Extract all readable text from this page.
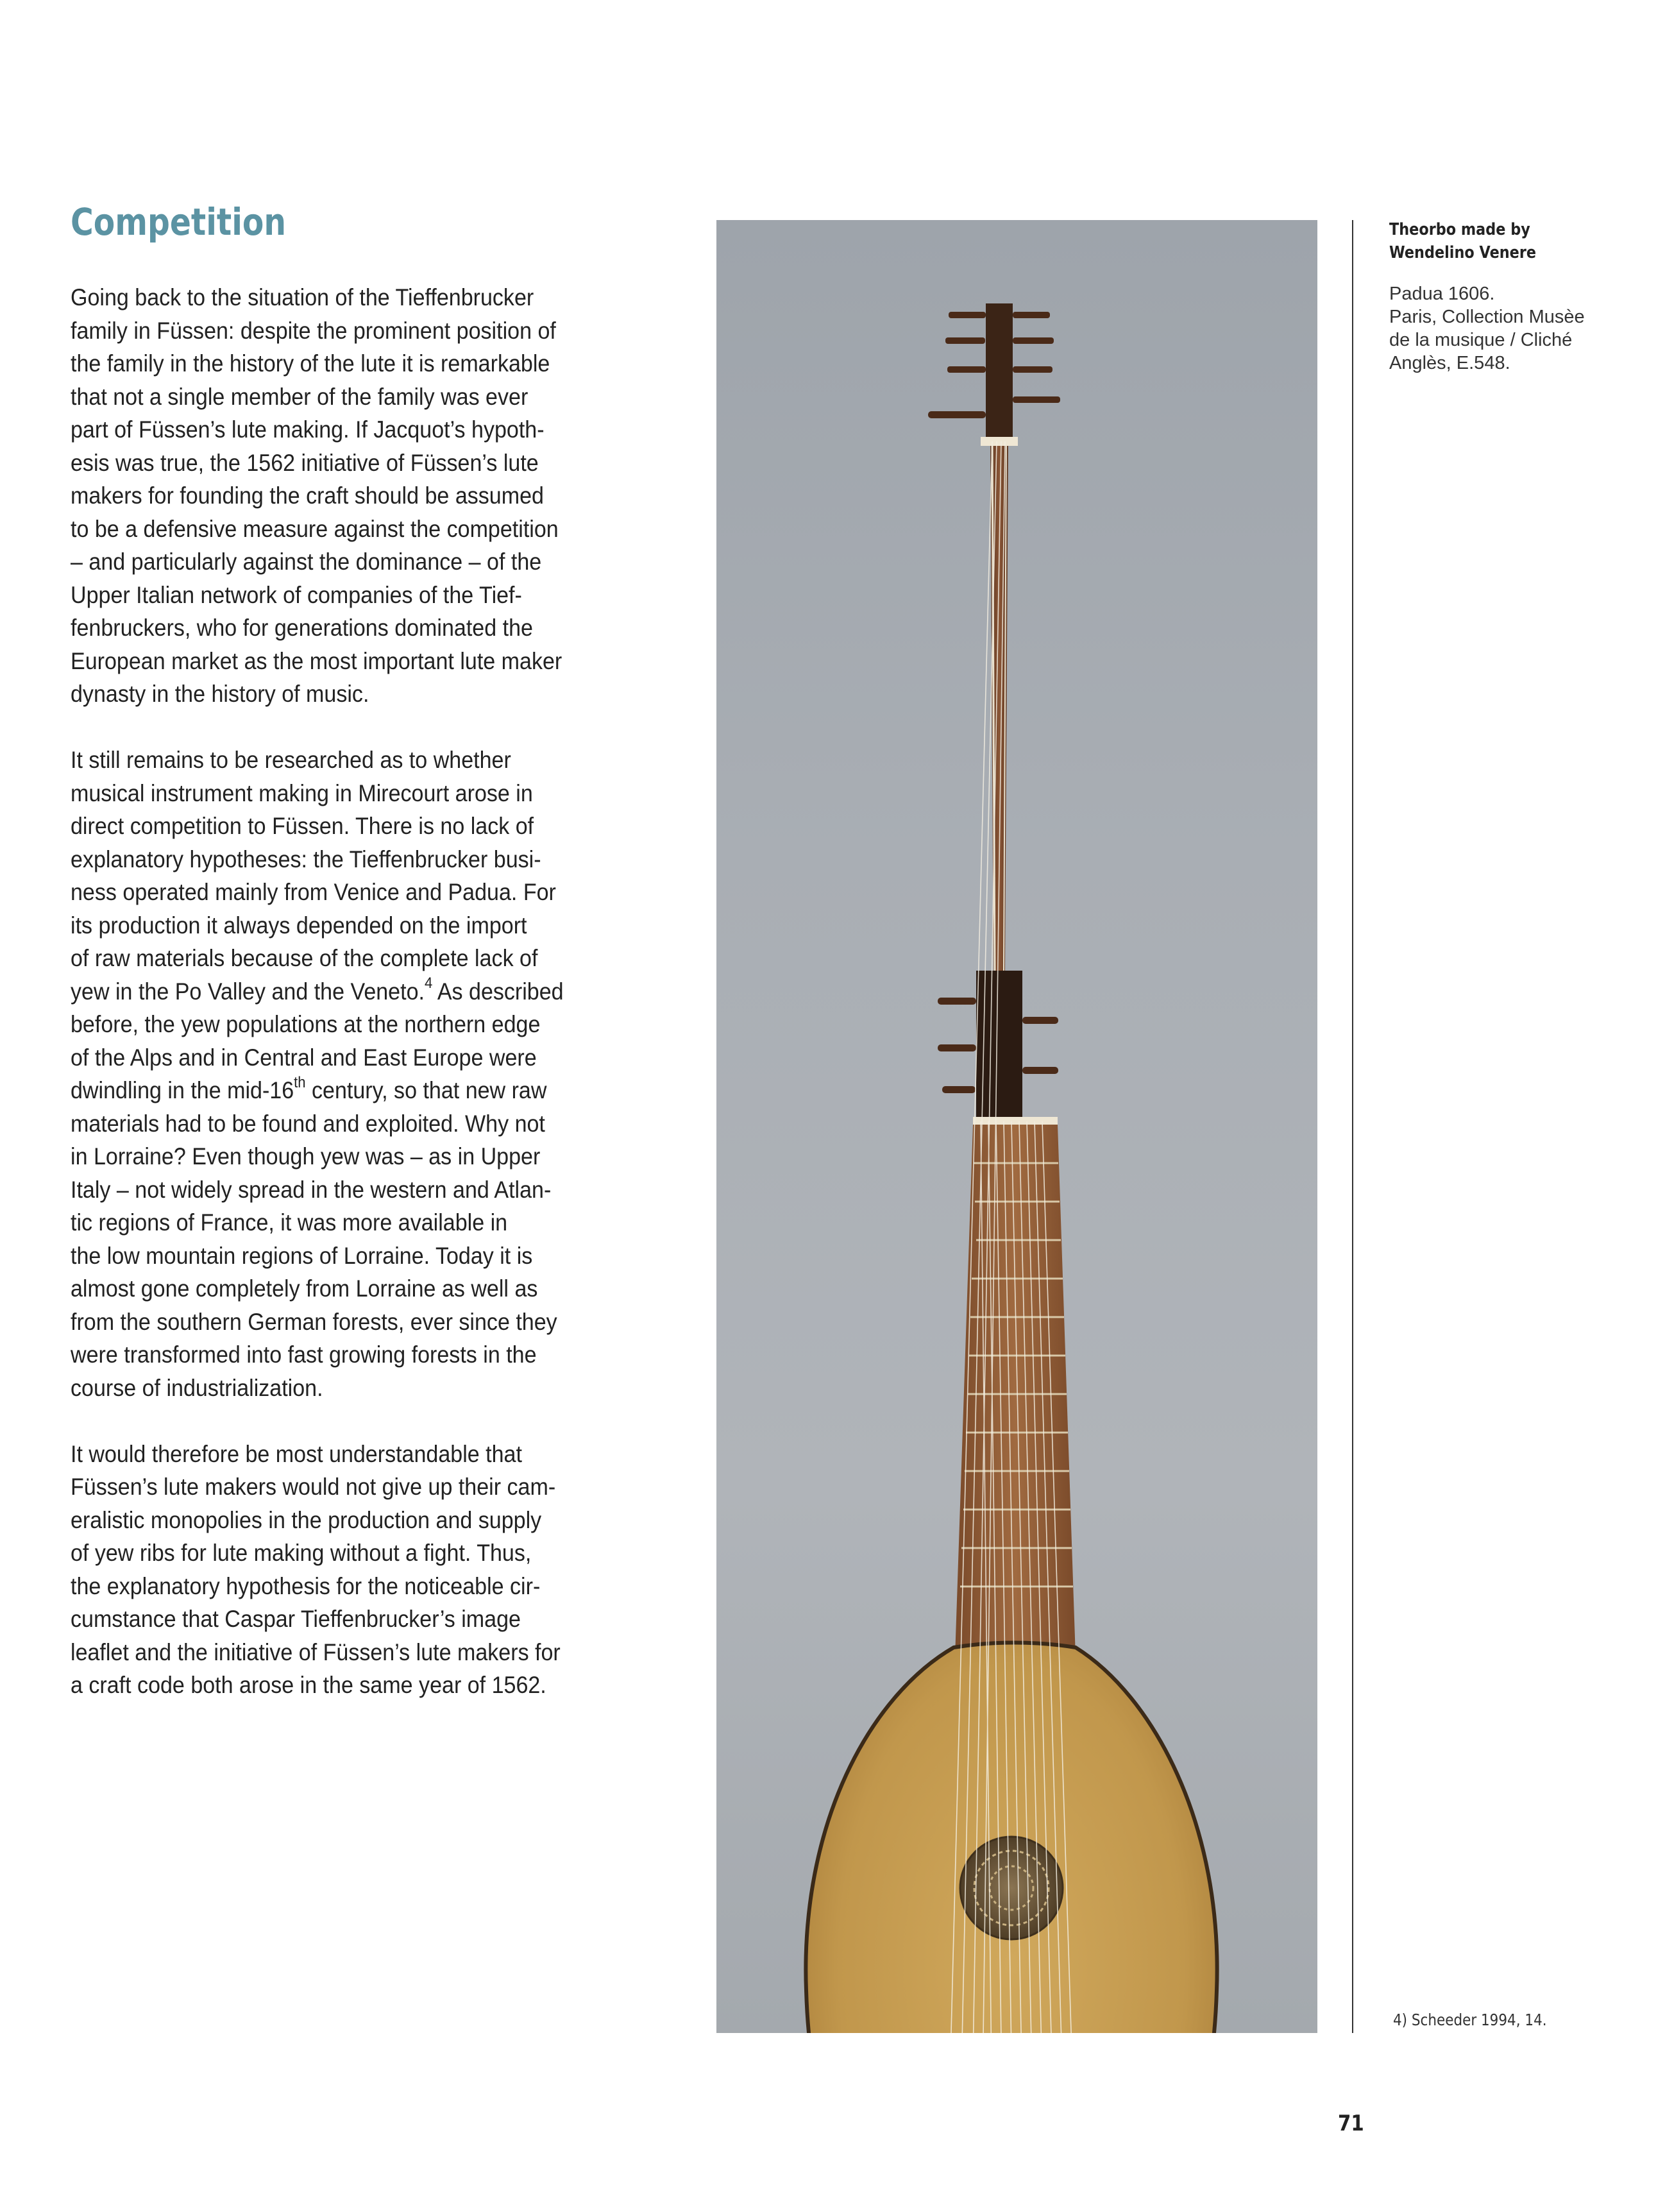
Competition

Going back to the situation of the Tieffenbrucker
family in Füssen: despite the prominent position of
the family in the history of the lute it is remarkable
that not a single member of the family was ever
part of Füssen’s lute making. If Jacquot’s hypoth-
esis was true, the 1562 initiative of Füssen’s lute
makers for founding the craft should be assumed
to be a defensive measure against the competition
– and particularly against the dominance – of the
Upper Italian network of companies of the Tief-
fenbruckers, who for generations dominated the
European market as the most important lute maker
dynasty in the history of music.

It still remains to be researched as to whether
musical instrument making in Mirecourt arose in
direct competition to Füssen. There is no lack of
explanatory hypotheses: the Tieffenbrucker busi-
ness operated mainly from Venice and Padua. For
its production it always depended on the import
of raw materials because of the complete lack of
yew in the Po Valley and the Veneto.$^4$ As described
before, the yew populations at the northern edge
of the Alps and in Central and East Europe were
dwindling in the mid-16th century, so that new raw
materials had to be found and exploited. Why not
in Lorraine? Even though yew was – as in Upper
Italy – not widely spread in the western and Atlan-
tic regions of France, it was more available in
the low mountain regions of Lorraine. Today it is
almost gone completely from Lorraine as well as
from the southern German forests, ever since they
were transformed into fast growing forests in the
course of industrialization.

It would therefore be most understandable that
Füssen’s lute makers would not give up their cam-
eralistic monopolies in the production and supply
of yew ribs for lute making without a fight. Thus,
the explanatory hypothesis for the noticeable cir-
cumstance that Caspar Tieffenbrucker’s image
leaflet and the initiative of Füssen’s lute makers for
a craft code both arose in the same year of 1562.

Theorbo made by
Wendelino Venere
Padua 1606.
Paris, Collection Musèe
de la musique / Cliché
Anglès, E.548.
4) Scheeder 1994, 14.
71
